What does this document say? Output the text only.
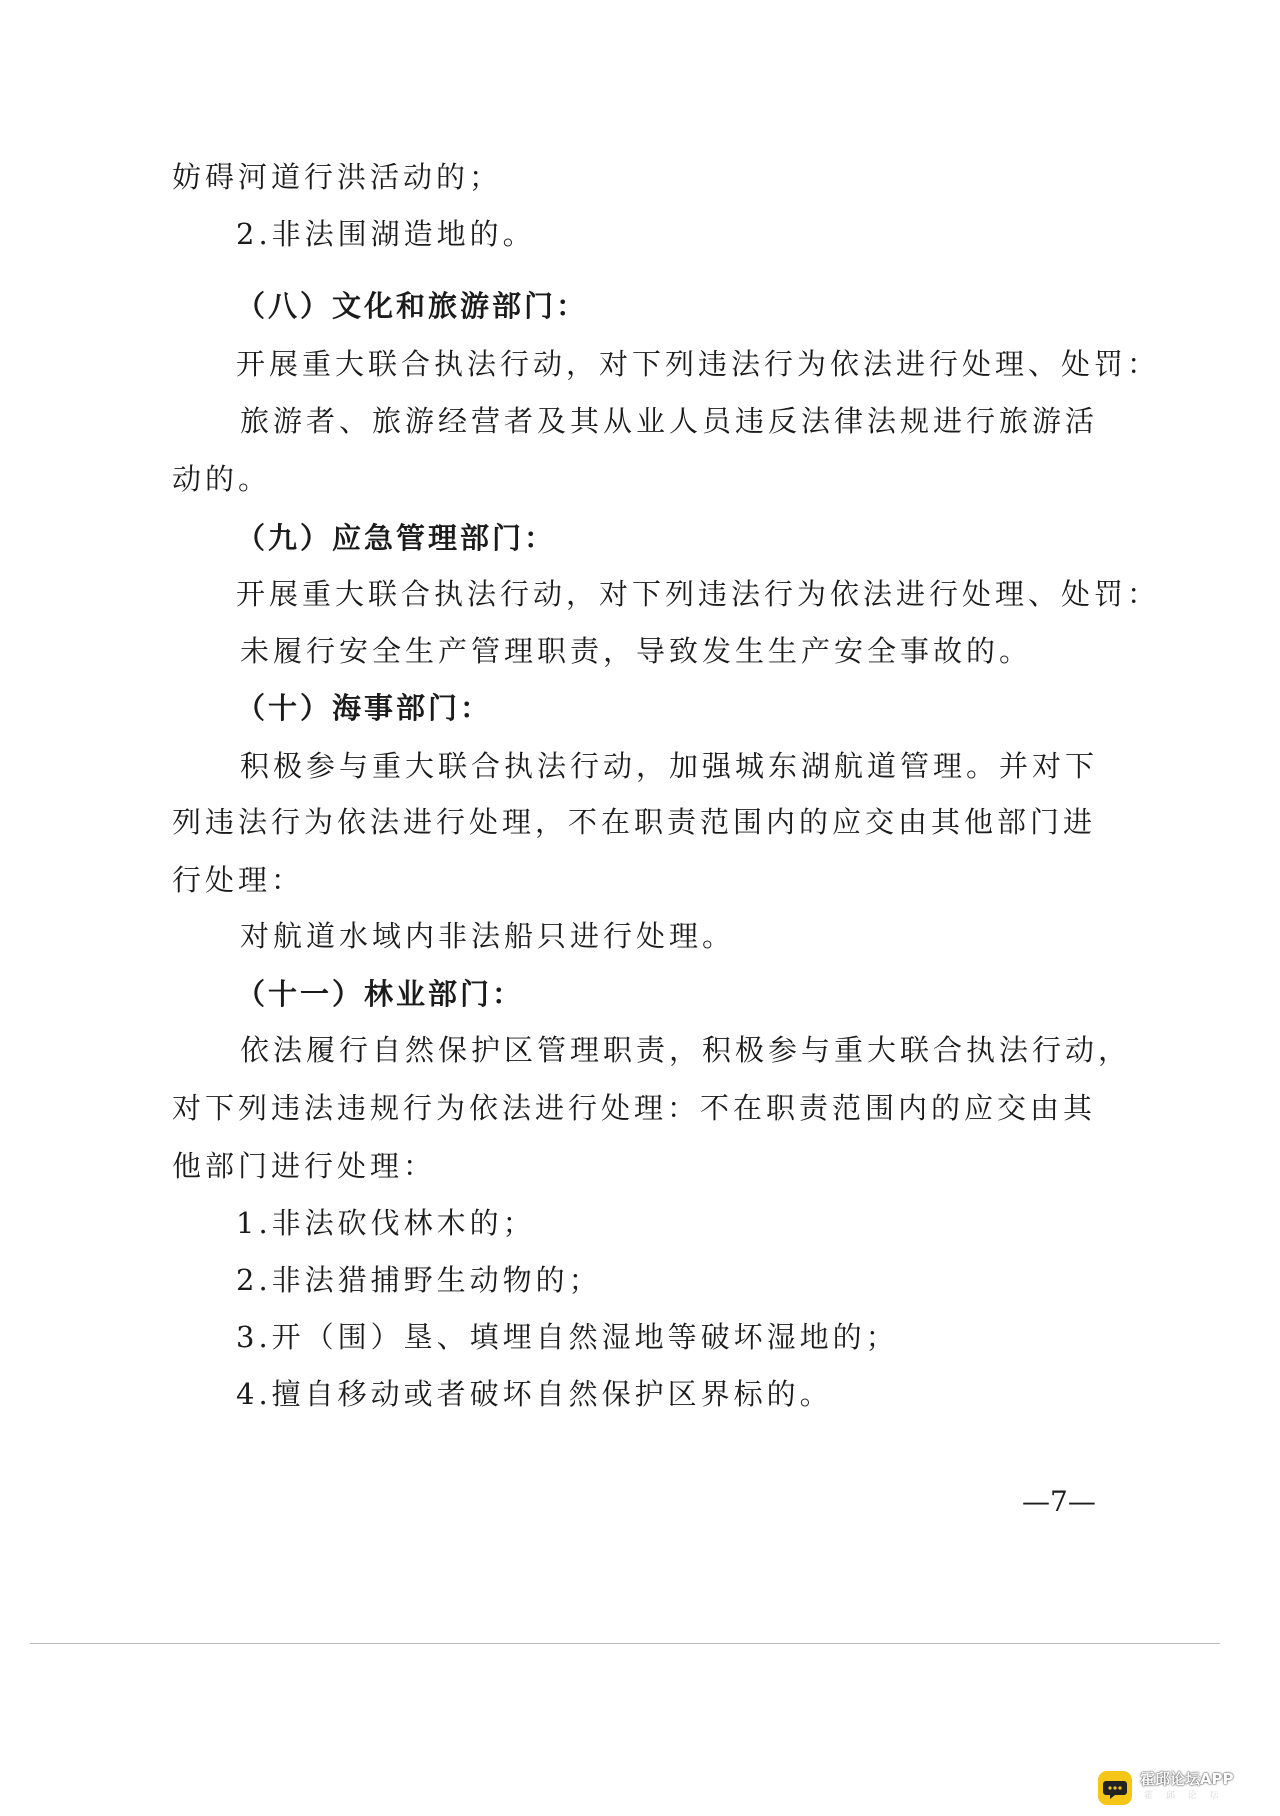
妨碍河道行洪活动的；
2.非法围湖造地的。
（八）文化和旅游部门：
开展重大联合执法行动，对下列违法行为依法进行处理、处罚：
旅游者、旅游经营者及其从业人员违反法律法规进行旅游活
动的。
（九）应急管理部门：
开展重大联合执法行动，对下列违法行为依法进行处理、处罚：
未履行安全生产管理职责，导致发生生产安全事故的。
（十）海事部门：
积极参与重大联合执法行动，加强城东湖航道管理。并对下
列违法行为依法进行处理，不在职责范围内的应交由其他部门进
行处理：
对航道水域内非法船只进行处理。
（十一）林业部门：
依法履行自然保护区管理职责，积极参与重大联合执法行动，
对下列违法违规行为依法进行处理：不在职责范围内的应交由其
他部门进行处理：
1.非法砍伐林木的；
2.非法猎捕野生动物的；
3.开（围）垦、填埋自然湿地等破坏湿地的；
4.擅自移动或者破坏自然保护区界标的。
—7—
霍邱论坛APP
霍 邱 论 坛
